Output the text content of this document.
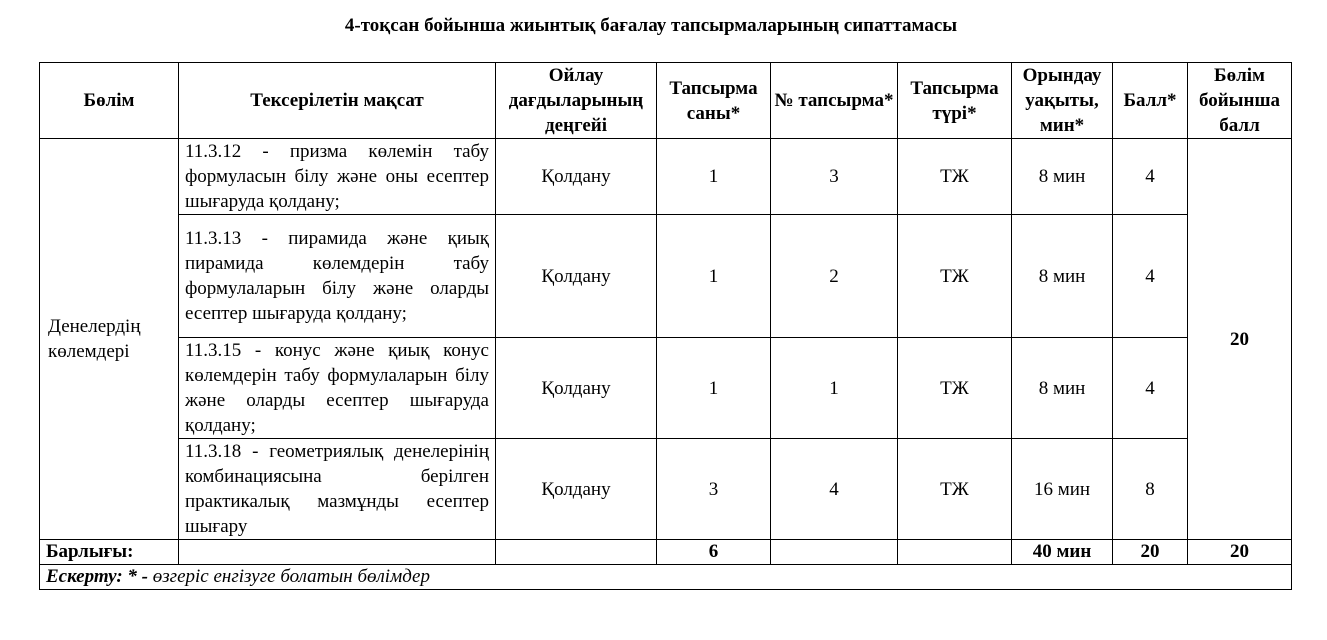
4-тоқсан бойынша жиынтық бағалау тапсырмаларының сипаттамасы
Бөлім	Тексерілетін мақсат	Ойлау дағдыларының деңгейі	Тапсырма саны*	№ тапсырма*	Тапсырма түрі*	Орындау уақыты, мин*	Балл*	Бөлім бойынша балл
Денелердің көлемдері	11.3.12 - призма көлемін табу формуласын білу және оны есептер шығаруда қолдану;	Қолдану	1	3	ТЖ	8 мин	4	20
	11.3.13 - пирамида және қиық пирамида көлемдерін табу формулаларын білу және оларды есептер шығаруда қолдану;	Қолдану	1	2	ТЖ	8 мин	4	
	11.3.15 - конус және қиық конус көлемдерін табу формулаларын білу және оларды есептер шығаруда қолдану;	Қолдану	1	1	ТЖ	8 мин	4	
	11.3.18 - геометриялық денелерінің комбинациясына берілген практикалық мазмұнды есептер шығару	Қолдану	3	4	ТЖ	16 мин	8	
Барлығы:			6			40 мин	20	20
Ескерту: * - өзгеріс енгізуге болатын бөлімдер								
